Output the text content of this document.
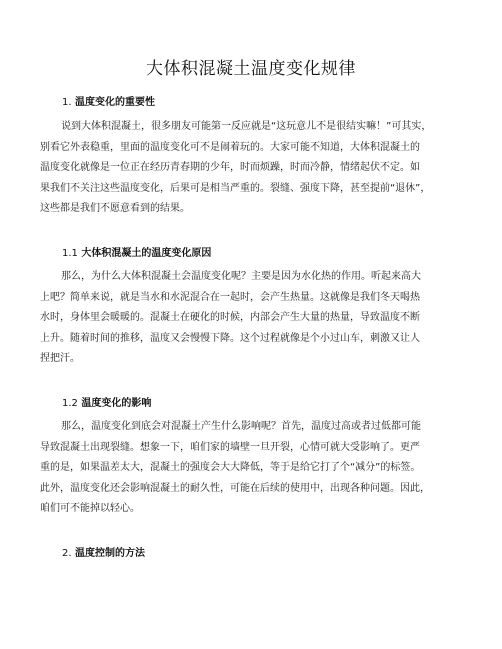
大体积混凝土温度变化规律
1. 温度变化的重要性
说到大体积混凝土，很多朋友可能第一反应就是“这玩意儿不是很结实嘛！”可其实，
别看它外表稳重，里面的温度变化可不是闹着玩的。大家可能不知道，大体积混凝土的
温度变化就像是一位正在经历青春期的少年，时而烦躁，时而冷静，情绪起伏不定。如
果我们不关注这些温度变化，后果可是相当严重的。裂缝、强度下降，甚至提前“退休”，
这些都是我们不愿意看到的结果。
1.1 大体积混凝土的温度变化原因
那么，为什么大体积混凝土会温度变化呢？主要是因为水化热的作用。听起来高大
上吧？简单来说，就是当水和水泥混合在一起时，会产生热量。这就像是我们冬天喝热
水时，身体里会暖暖的。混凝土在硬化的时候，内部会产生大量的热量，导致温度不断
上升。随着时间的推移，温度又会慢慢下降。这个过程就像是个小过山车，刺激又让人
捏把汗。
1.2 温度变化的影响
那么，温度变化到底会对混凝土产生什么影响呢？首先，温度过高或者过低都可能
导致混凝土出现裂缝。想象一下，咱们家的墙壁一旦开裂，心情可就大受影响了。更严
重的是，如果温差太大，混凝土的强度会大大降低，等于是给它打了个“减分”的标签。
此外，温度变化还会影响混凝土的耐久性，可能在后续的使用中，出现各种问题。因此，
咱们可不能掉以轻心。
2. 温度控制的方法
